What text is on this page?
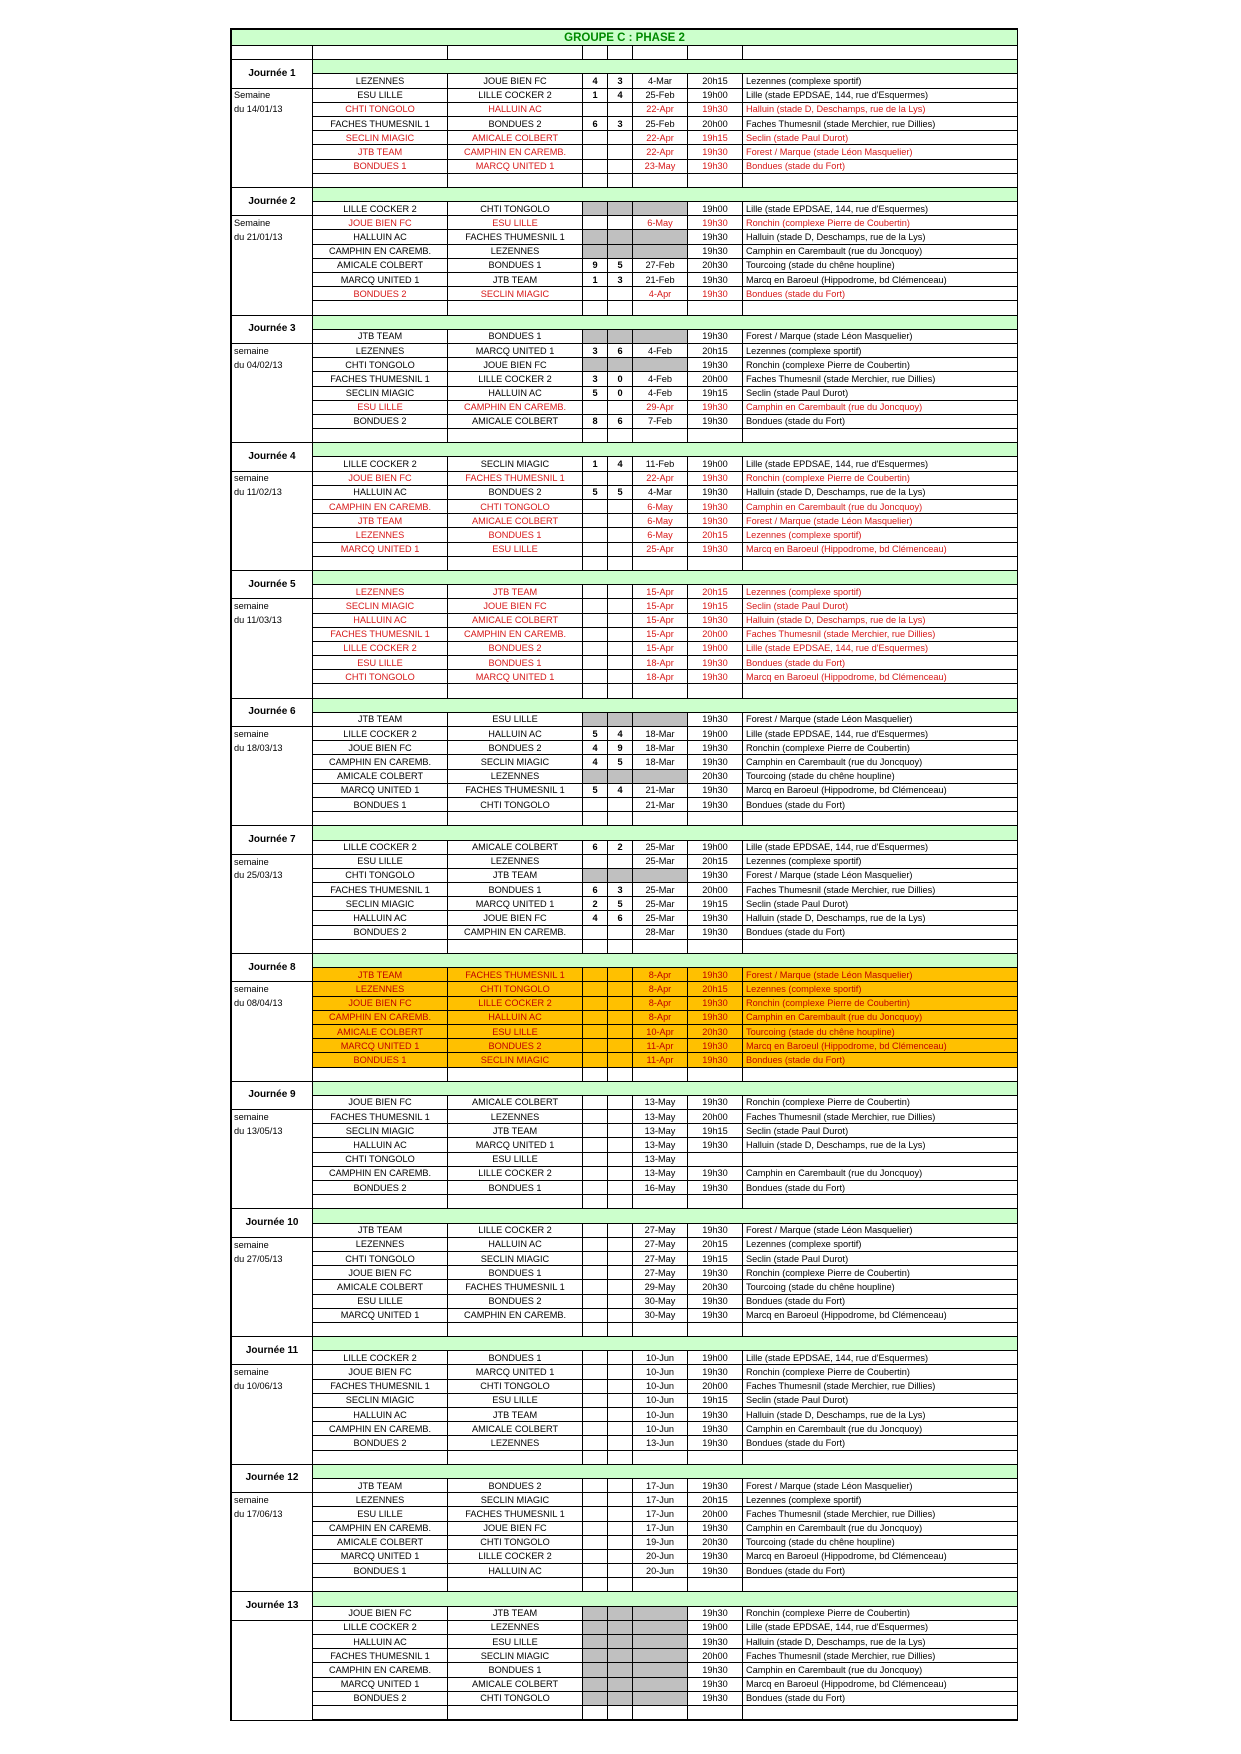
GROUPE C : PHASE 2							

Journée 1							
	LEZENNES	JOUE BIEN FC	4	3	4-Mar	20h15	Lezennes (complexe sportif)
Semaine	ESU LILLE	LILLE COCKER 2	1	4	25-Feb	19h00	Lille (stade EPDSAE, 144, rue d'Esquermes)
du 14/01/13	CHTI TONGOLO	HALLUIN AC			22-Apr	19h30	Halluin (stade D, Deschamps, rue de la Lys)
	FACHES THUMESNIL 1	BONDUES 2	6	3	25-Feb	20h00	Faches Thumesnil (stade Merchier, rue Dillies)
	SECLIN MIAGIC	AMICALE COLBERT			22-Apr	19h15	Seclin (stade Paul Durot)
	JTB TEAM	CAMPHIN EN CAREMB.			22-Apr	19h30	Forest / Marque (stade Léon Masquelier)
	BONDUES 1	MARCQ UNITED 1			23-May	19h30	Bondues (stade du Fort)

Journée 2							
	LILLE COCKER 2	CHTI TONGOLO				19h00	Lille (stade EPDSAE, 144, rue d'Esquermes)
Semaine	JOUE BIEN FC	ESU LILLE			6-May	19h30	Ronchin (complexe Pierre de Coubertin)
du 21/01/13	HALLUIN AC	FACHES THUMESNIL 1				19h30	Halluin (stade D, Deschamps, rue de la Lys)
	CAMPHIN EN CAREMB.	LEZENNES				19h30	Camphin en Carembault (rue du Joncquoy)
	AMICALE COLBERT	BONDUES 1	9	5	27-Feb	20h30	Tourcoing (stade du chêne houpline)
	MARCQ UNITED 1	JTB TEAM	1	3	21-Feb	19h30	Marcq en Baroeul (Hippodrome, bd Clémenceau)
	BONDUES 2	SECLIN MIAGIC			4-Apr	19h30	Bondues (stade du Fort)

Journée 3							
	JTB TEAM	BONDUES 1				19h30	Forest / Marque (stade Léon Masquelier)
semaine	LEZENNES	MARCQ UNITED 1	3	6	4-Feb	20h15	Lezennes (complexe sportif)
du 04/02/13	CHTI TONGOLO	JOUE BIEN FC				19h30	Ronchin (complexe Pierre de Coubertin)
	FACHES THUMESNIL 1	LILLE COCKER 2	3	0	4-Feb	20h00	Faches Thumesnil (stade Merchier, rue Dillies)
	SECLIN MIAGIC	HALLUIN AC	5	0	4-Feb	19h15	Seclin (stade Paul Durot)
	ESU LILLE	CAMPHIN EN CAREMB.			29-Apr	19h30	Camphin en Carembault (rue du Joncquoy)
	BONDUES 2	AMICALE COLBERT	8	6	7-Feb	19h30	Bondues (stade du Fort)

Journée 4							
	LILLE COCKER 2	SECLIN MIAGIC	1	4	11-Feb	19h00	Lille (stade EPDSAE, 144, rue d'Esquermes)
semaine	JOUE BIEN FC	FACHES THUMESNIL 1			22-Apr	19h30	Ronchin (complexe Pierre de Coubertin)
du 11/02/13	HALLUIN AC	BONDUES 2	5	5	4-Mar	19h30	Halluin (stade D, Deschamps, rue de la Lys)
	CAMPHIN EN CAREMB.	CHTI TONGOLO			6-May	19h30	Camphin en Carembault (rue du Joncquoy)
	JTB TEAM	AMICALE COLBERT			6-May	19h30	Forest / Marque (stade Léon Masquelier)
	LEZENNES	BONDUES 1			6-May	20h15	Lezennes (complexe sportif)
	MARCQ UNITED 1	ESU LILLE			25-Apr	19h30	Marcq en Baroeul (Hippodrome, bd Clémenceau)

Journée 5							
	LEZENNES	JTB TEAM			15-Apr	20h15	Lezennes (complexe sportif)
semaine	SECLIN MIAGIC	JOUE BIEN FC			15-Apr	19h15	Seclin (stade Paul Durot)
du 11/03/13	HALLUIN AC	AMICALE COLBERT			15-Apr	19h30	Halluin (stade D, Deschamps, rue de la Lys)
	FACHES THUMESNIL 1	CAMPHIN EN CAREMB.			15-Apr	20h00	Faches Thumesnil (stade Merchier, rue Dillies)
	LILLE COCKER 2	BONDUES 2			15-Apr	19h00	Lille (stade EPDSAE, 144, rue d'Esquermes)
	ESU LILLE	BONDUES 1			18-Apr	19h30	Bondues (stade du Fort)
	CHTI TONGOLO	MARCQ UNITED 1			18-Apr	19h30	Marcq en Baroeul (Hippodrome, bd Clémenceau)

Journée 6							
	JTB TEAM	ESU LILLE				19h30	Forest / Marque (stade Léon Masquelier)
semaine	LILLE COCKER 2	HALLUIN AC	5	4	18-Mar	19h00	Lille (stade EPDSAE, 144, rue d'Esquermes)
du 18/03/13	JOUE BIEN FC	BONDUES 2	4	9	18-Mar	19h30	Ronchin (complexe Pierre de Coubertin)
	CAMPHIN EN CAREMB.	SECLIN MIAGIC	4	5	18-Mar	19h30	Camphin en Carembault (rue du Joncquoy)
	AMICALE COLBERT	LEZENNES				20h30	Tourcoing (stade du chêne houpline)
	MARCQ UNITED 1	FACHES THUMESNIL 1	5	4	21-Mar	19h30	Marcq en Baroeul (Hippodrome, bd Clémenceau)
	BONDUES 1	CHTI TONGOLO			21-Mar	19h30	Bondues (stade du Fort)

Journée 7							
	LILLE COCKER 2	AMICALE COLBERT	6	2	25-Mar	19h00	Lille (stade EPDSAE, 144, rue d'Esquermes)
semaine	ESU LILLE	LEZENNES			25-Mar	20h15	Lezennes (complexe sportif)
du 25/03/13	CHTI TONGOLO	JTB TEAM				19h30	Forest / Marque (stade Léon Masquelier)
	FACHES THUMESNIL 1	BONDUES 1	6	3	25-Mar	20h00	Faches Thumesnil (stade Merchier, rue Dillies)
	SECLIN MIAGIC	MARCQ UNITED 1	2	5	25-Mar	19h15	Seclin (stade Paul Durot)
	HALLUIN AC	JOUE BIEN FC	4	6	25-Mar	19h30	Halluin (stade D, Deschamps, rue de la Lys)
	BONDUES 2	CAMPHIN EN CAREMB.			28-Mar	19h30	Bondues (stade du Fort)

Journée 8							
	JTB TEAM	FACHES THUMESNIL 1			8-Apr	19h30	Forest / Marque (stade Léon Masquelier)
semaine	LEZENNES	CHTI TONGOLO			8-Apr	20h15	Lezennes (complexe sportif)
du 08/04/13	JOUE BIEN FC	LILLE COCKER 2			8-Apr	19h30	Ronchin (complexe Pierre de Coubertin)
	CAMPHIN EN CAREMB.	HALLUIN AC			8-Apr	19h30	Camphin en Carembault (rue du Joncquoy)
	AMICALE COLBERT	ESU LILLE			10-Apr	20h30	Tourcoing (stade du chêne houpline)
	MARCQ UNITED 1	BONDUES 2			11-Apr	19h30	Marcq en Baroeul (Hippodrome, bd Clémenceau)
	BONDUES 1	SECLIN MIAGIC			11-Apr	19h30	Bondues (stade du Fort)

Journée 9							
	JOUE BIEN FC	AMICALE COLBERT			13-May	19h30	Ronchin (complexe Pierre de Coubertin)
semaine	FACHES THUMESNIL 1	LEZENNES			13-May	20h00	Faches Thumesnil (stade Merchier, rue Dillies)
du 13/05/13	SECLIN MIAGIC	JTB TEAM			13-May	19h15	Seclin (stade Paul Durot)
	HALLUIN AC	MARCQ UNITED 1			13-May	19h30	Halluin (stade D, Deschamps, rue de la Lys)
	CHTI TONGOLO	ESU LILLE			13-May		
	CAMPHIN EN CAREMB.	LILLE COCKER 2			13-May	19h30	Camphin en Carembault (rue du Joncquoy)
	BONDUES 2	BONDUES 1			16-May	19h30	Bondues (stade du Fort)

Journée 10							
	JTB TEAM	LILLE COCKER 2			27-May	19h30	Forest / Marque (stade Léon Masquelier)
semaine	LEZENNES	HALLUIN AC			27-May	20h15	Lezennes (complexe sportif)
du 27/05/13	CHTI TONGOLO	SECLIN MIAGIC			27-May	19h15	Seclin (stade Paul Durot)
	JOUE BIEN FC	BONDUES 1			27-May	19h30	Ronchin (complexe Pierre de Coubertin)
	AMICALE COLBERT	FACHES THUMESNIL 1			29-May	20h30	Tourcoing (stade du chêne houpline)
	ESU LILLE	BONDUES 2			30-May	19h30	Bondues (stade du Fort)
	MARCQ UNITED 1	CAMPHIN EN CAREMB.			30-May	19h30	Marcq en Baroeul (Hippodrome, bd Clémenceau)

Journée 11							
	LILLE COCKER 2	BONDUES 1			10-Jun	19h00	Lille (stade EPDSAE, 144, rue d'Esquermes)
semaine	JOUE BIEN FC	MARCQ UNITED 1			10-Jun	19h30	Ronchin (complexe Pierre de Coubertin)
du 10/06/13	FACHES THUMESNIL 1	CHTI TONGOLO			10-Jun	20h00	Faches Thumesnil (stade Merchier, rue Dillies)
	SECLIN MIAGIC	ESU LILLE			10-Jun	19h15	Seclin (stade Paul Durot)
	HALLUIN AC	JTB TEAM			10-Jun	19h30	Halluin (stade D, Deschamps, rue de la Lys)
	CAMPHIN EN CAREMB.	AMICALE COLBERT			10-Jun	19h30	Camphin en Carembault (rue du Joncquoy)
	BONDUES 2	LEZENNES			13-Jun	19h30	Bondues (stade du Fort)

Journée 12							
	JTB TEAM	BONDUES 2			17-Jun	19h30	Forest / Marque (stade Léon Masquelier)
semaine	LEZENNES	SECLIN MIAGIC			17-Jun	20h15	Lezennes (complexe sportif)
du 17/06/13	ESU LILLE	FACHES THUMESNIL 1			17-Jun	20h00	Faches Thumesnil (stade Merchier, rue Dillies)
	CAMPHIN EN CAREMB.	JOUE BIEN FC			17-Jun	19h30	Camphin en Carembault (rue du Joncquoy)
	AMICALE COLBERT	CHTI TONGOLO			19-Jun	20h30	Tourcoing (stade du chêne houpline)
	MARCQ UNITED 1	LILLE COCKER 2			20-Jun	19h30	Marcq en Baroeul (Hippodrome, bd Clémenceau)
	BONDUES 1	HALLUIN AC			20-Jun	19h30	Bondues (stade du Fort)

Journée 13							
	JOUE BIEN FC	JTB TEAM				19h30	Ronchin (complexe Pierre de Coubertin)
	LILLE COCKER 2	LEZENNES				19h00	Lille (stade EPDSAE, 144, rue d'Esquermes)
	HALLUIN AC	ESU LILLE				19h30	Halluin (stade D, Deschamps, rue de la Lys)
	FACHES THUMESNIL 1	SECLIN MIAGIC				20h00	Faches Thumesnil (stade Merchier, rue Dillies)
	CAMPHIN EN CAREMB.	BONDUES 1				19h30	Camphin en Carembault (rue du Joncquoy)
	MARCQ UNITED 1	AMICALE COLBERT				19h30	Marcq en Baroeul (Hippodrome, bd Clémenceau)
	BONDUES 2	CHTI TONGOLO				19h30	Bondues (stade du Fort)
